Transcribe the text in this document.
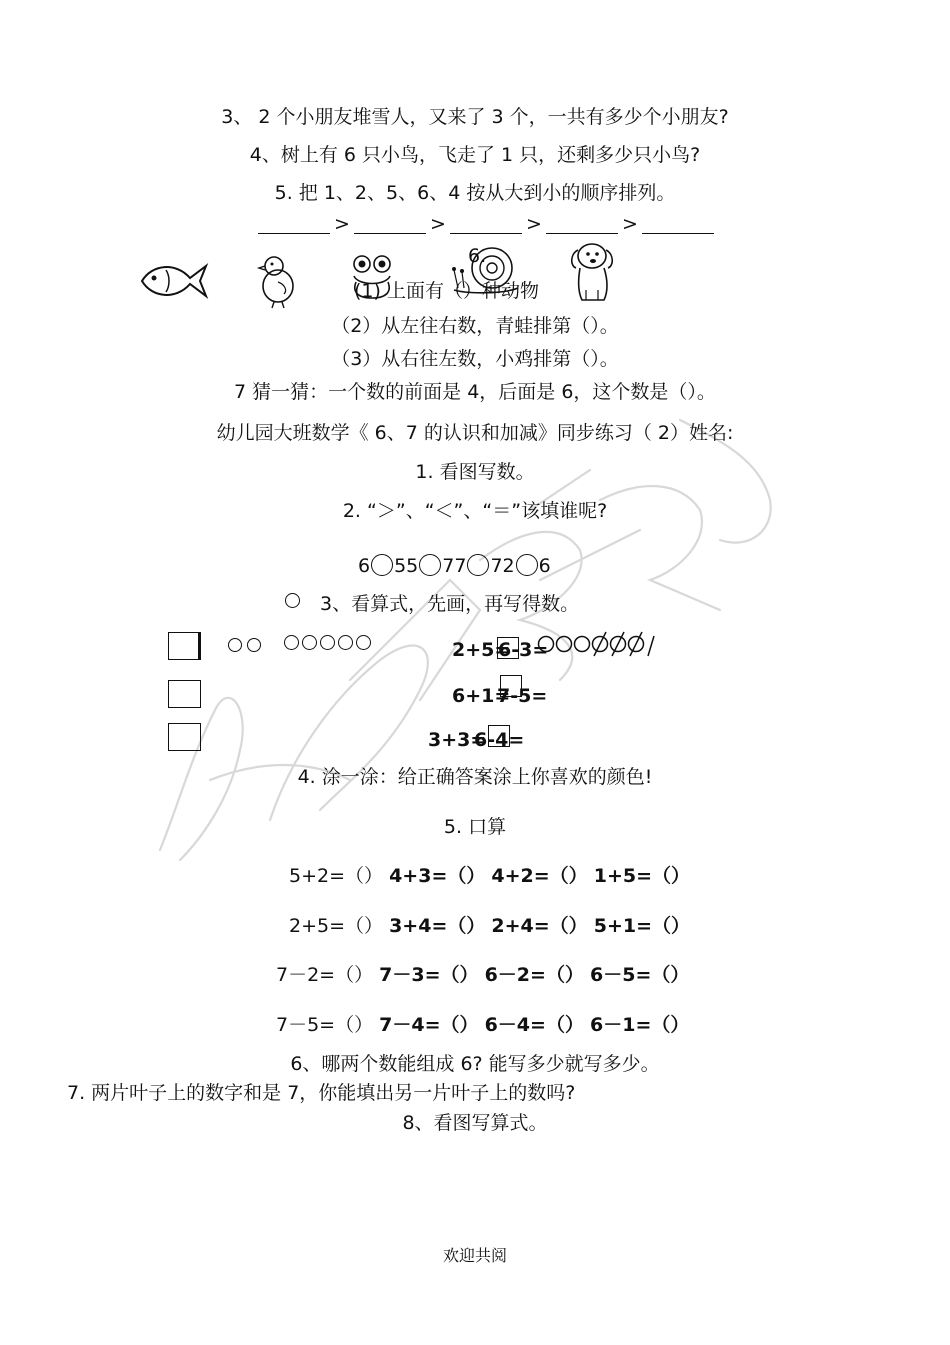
3、 2 个小朋友堆雪人，又来了 3 个，一共有多少个小朋友?
4、树上有 6 只小鸟，飞走了 1 只，还剩多少只小鸟?
5. 把 1、2、5、6、4 按从大到小的顺序排列。
>	>	>	>
6.
(1) 上面有（）种动物
（2）从左往右数，青蛙排第（）。
（3）从右往左数，小鸡排第（）。
7 猜一猜：一个数的前面是 4，后面是 6，这个数是（）。
幼儿园大班数学《 6、7 的认识和加减》同步练习（ 2）姓名:
1. 看图写数。
2. “＞”、“＜”、“＝”该填谁呢?
6 55 77 72 6
3、看算式，先画，再写得数。
2+5=
6-3=
6+1=
7-5=
3+3=
6-4=
4. 涂一涂：给正确答案涂上你喜欢的颜色!
5. 口算
5+2=（） 4+3=（） 4+2=（） 1+5=（）
2+5=（） 3+4=（） 2+4=（） 5+1=（）
7－2=（） 7－3=（） 6－2=（） 6－5=（）
7－5=（） 7－4=（） 6－4=（） 6－1=（）
6、哪两个数能组成 6? 能写多少就写多少。
7. 两片叶子上的数字和是 7，你能填出另一片叶子上的数吗?
8、看图写算式。
欢迎共阅
